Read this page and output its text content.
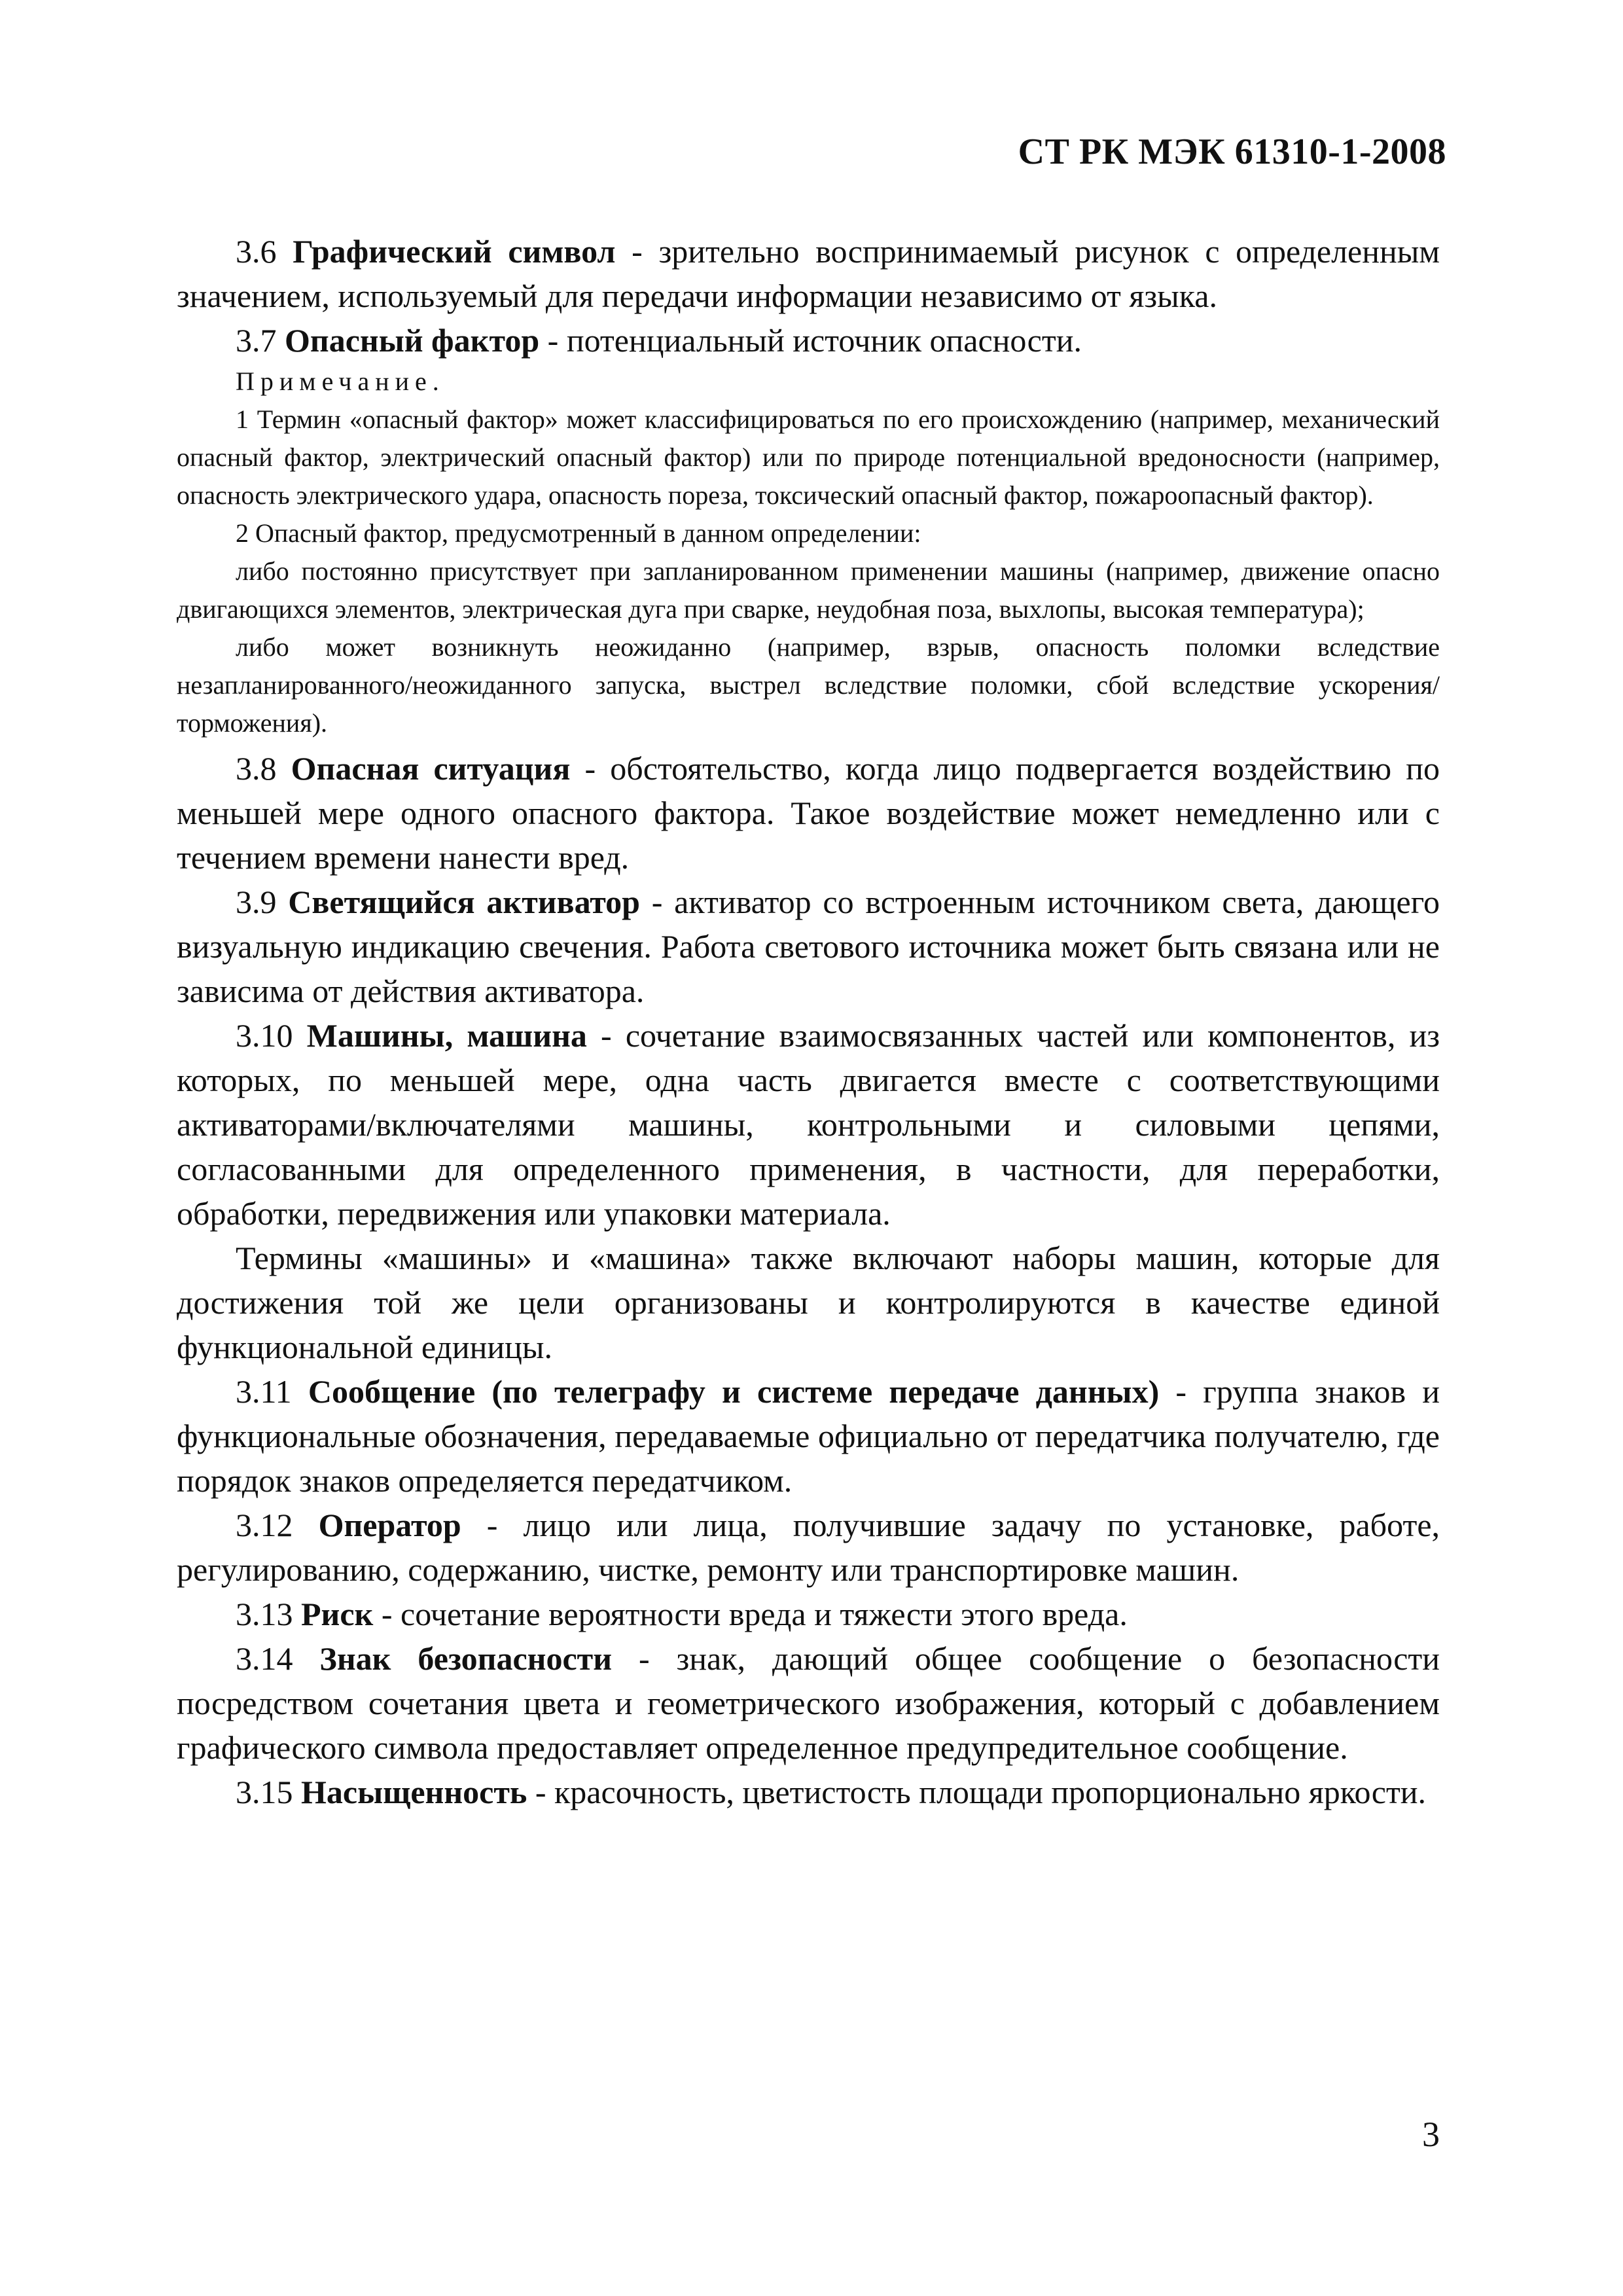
СТ РК МЭК 61310-1-2008

3.6 Графический символ - зрительно воспринимаемый рисунок с определенным значением, используемый для передачи информации независимо от языка.

3.7 Опасный фактор - потенциальный источник опасности.

Примечание.

1 Термин «опасный фактор» может классифицироваться по его происхождению (например, механический опасный фактор, электрический опасный фактор) или по природе потенциальной вредоносности (например, опасность электрического удара, опасность пореза, токсический опасный фактор, пожароопасный фактор).

2 Опасный фактор, предусмотренный в данном определении:

либо постоянно присутствует при запланированном применении машины (например, движение опасно двигающихся элементов, электрическая дуга при сварке, неудобная поза, выхлопы, высокая температура);

либо может возникнуть неожиданно (например, взрыв, опасность поломки вследствие незапланированного/неожиданного запуска, выстрел вследствие поломки, сбой вследствие ускорения/торможения).

3.8 Опасная ситуация - обстоятельство, когда лицо подвергается воздействию по меньшей мере одного опасного фактора. Такое воздействие может немедленно или с течением времени нанести вред.

3.9 Светящийся активатор - активатор со встроенным источником света, дающего визуальную индикацию свечения. Работа светового источника может быть связана или не зависима от действия активатора.

3.10 Машины, машина - сочетание взаимосвязанных частей или компонентов, из которых, по меньшей мере, одна часть двигается вместе с соответствующими активаторами/включателями машины, контрольными и силовыми цепями, согласованными для определенного применения, в частности, для переработки, обработки, передвижения или упаковки материала.

Термины «машины» и «машина» также включают наборы машин, которые для достижения той же цели организованы и контролируются в качестве единой функциональной единицы.

3.11 Сообщение (по телеграфу и системе передаче данных) - группа знаков и функциональные обозначения, передаваемые официально от передатчика получателю, где порядок знаков определяется передатчиком.

3.12 Оператор - лицо или лица, получившие задачу по установке, работе, регулированию, содержанию, чистке, ремонту или транспортировке машин.

3.13 Риск - сочетание вероятности вреда и тяжести этого вреда.

3.14 Знак безопасности - знак, дающий общее сообщение о безопасности посредством сочетания цвета и геометрического изображения, который с добавлением графического символа предоставляет определенное предупредительное сообщение.

3.15 Насыщенность - красочность, цветистость площади пропорционально яркости.

3
